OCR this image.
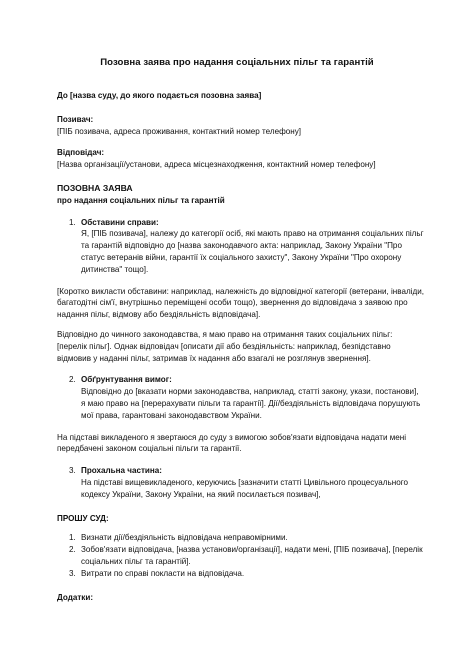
Позовна заява про надання соціальних пільг та гарантій
До [назва суду, до якого подається позовна заява]
Позивач:
[ПІБ позивача, адреса проживання, контактний номер телефону]
Відповідач:
[Назва організації/установи, адреса місцезнаходження, контактний номер телефону]
ПОЗОВНА ЗАЯВА
про надання соціальних пільг та гарантій
1. Обставини справи:
Я, [ПІБ позивача], належу до категорії осіб, які мають право на отримання соціальних пільг та гарантій відповідно до [назва законодавчого акта: наприклад, Закону України "Про статус ветеранів війни, гарантії їх соціального захисту", Закону України "Про охорону дитинства" тощо].
[Коротко викласти обставини: наприклад, належність до відповідної категорії (ветерани, інваліди, багатодітні сім'ї, внутрішньо переміщені особи тощо), звернення до відповідача з заявою про надання пільг, відмову або бездіяльність відповідача].
Відповідно до чинного законодавства, я маю право на отримання таких соціальних пільг: [перелік пільг]. Однак відповідач [описати дії або бездіяльність: наприклад, безпідставно відмовив у наданні пільг, затримав їх надання або взагалі не розглянув звернення].
2. Обґрунтування вимог:
Відповідно до [вказати норми законодавства, наприклад, статті закону, укази, постанови], я маю право на [перерахувати пільги та гарантії]. Дії/бездіяльність відповідача порушують мої права, гарантовані законодавством України.
На підставі викладеного я звертаюся до суду з вимогою зобов'язати відповідача надати мені передбачені законом соціальні пільги та гарантії.
3. Прохальна частина:
На підставі вищевикладеного, керуючись [зазначити статті Цивільного процесуального кодексу України, Закону України, на який посилається позивач],
ПРОШУ СУД:
1. Визнати дії/бездіяльність відповідача неправомірними.
2. Зобов'язати відповідача, [назва установи/організації], надати мені, [ПІБ позивача], [перелік соціальних пільг та гарантій].
3. Витрати по справі покласти на відповідача.
Додатки:
